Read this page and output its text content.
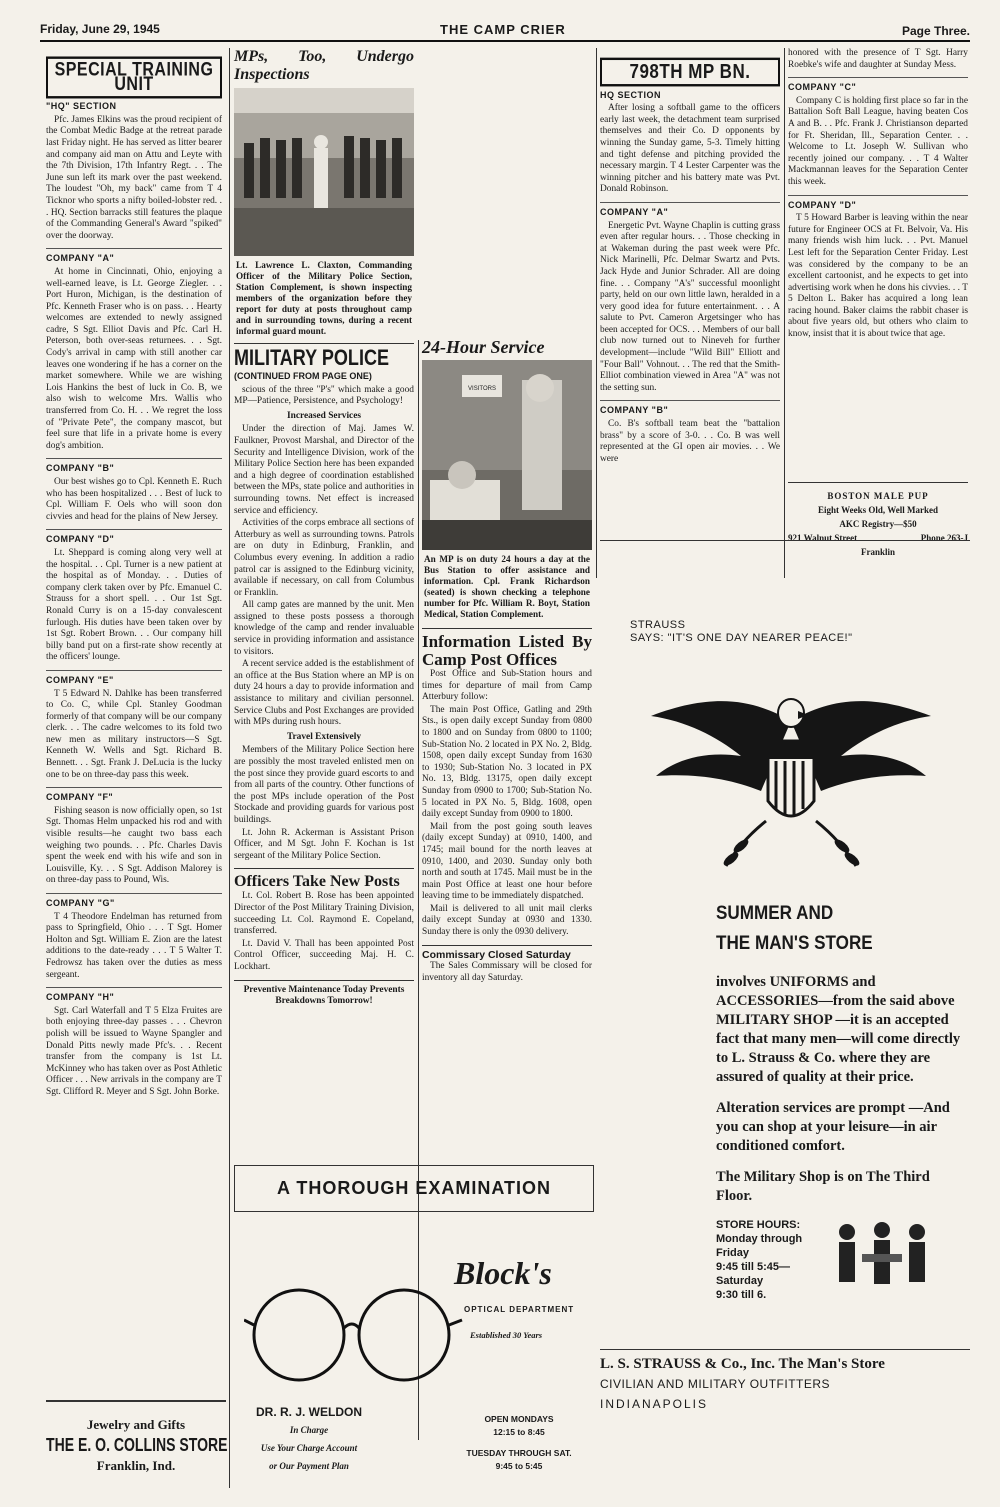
Friday, June 29, 1945	THE CAMP CRIER	Page Three.
SPECIAL TRAINING UNIT
"HQ" SECTION

Pfc. James Elkins was the proud recipient of the Combat Medic Badge at the retreat parade last Friday night. He has served as litter bearer and company aid man on Attu and Leyte with the 7th Division, 17th Infantry Regt. . . The June sun left its mark over the past weekend. The loudest "Oh, my back" came from T 4 Ticknor who sports a nifty boiled-lobster red. . . HQ. Section barracks still features the plaque of the Commanding General's Award "spiked" over the doorway.

COMPANY "A"

At home in Cincinnati, Ohio, enjoying a well-earned leave, is Lt. George Ziegler. . . Port Huron, Michigan, is the destination of Pfc. Kenneth Fraser who is on pass. . . Hearty welcomes are extended to newly assigned cadre, S Sgt. Elliot Davis and Pfc. Carl H. Peterson, both over-seas returnees. . . Sgt. Cody's arrival in camp with still another car leaves one wondering if he has a corner on the market somewhere. While we are wishing Lois Hankins the best of luck in Co. B, we also wish to welcome Mrs. Wallis who transferred from Co. H. . . We regret the loss of "Private Pete", the company mascot, but feel sure that life in a private home is every dog's ambition.

COMPANY "B"

Our best wishes go to Cpl. Kenneth E. Ruch who has been hospitalized . . . Best of luck to Cpl. William F. Oels who will soon don civvies and head for the plains of New Jersey.

COMPANY "D"

Lt. Sheppard is coming along very well at the hospital. . . Cpl. Turner is a new patient at the hospital as of Monday. . . Duties of company clerk taken over by Pfc. Emanuel C. Strauss for a short spell. . . Our 1st Sgt. Ronald Curry is on a 15-day convalescent furlough. His duties have been taken over by 1st Sgt. Robert Brown. . . Our company hill billy band put on a first-rate show recently at the officers' lounge.

COMPANY "E"

T 5 Edward N. Dahlke has been transferred to Co. C, while Cpl. Stanley Goodman formerly of that company will be our company clerk. . . The cadre welcomes to its fold two new men as military instructors—S Sgt. Kenneth W. Wells and Sgt. Richard B. Bennett. . . Sgt. Frank J. DeLucia is the lucky one to be on three-day pass this week.

COMPANY "F"

Fishing season is now officially open, so 1st Sgt. Thomas Helm unpacked his rod and with visible results—he caught two bass each weighing two pounds. . . Pfc. Charles Davis spent the week end with his wife and son in Louisville, Ky. . . S Sgt. Addison Malorey is on three-day pass to Pound, Wis.

COMPANY "G"

T 4 Theodore Endelman has returned from pass to Springfield, Ohio . . . T Sgt. Homer Holton and Sgt. William E. Zion are the latest additions to the date-ready . . . T 5 Walter T. Fedrowsz has taken over the duties as mess sergeant.

COMPANY "H"

Sgt. Carl Waterfall and T 5 Elza Fruites are both enjoying three-day passes . . . Chevron polish will be issued to Wayne Spangler and Donald Pitts newly made Pfc's. . . Recent transfer from the company is 1st Lt. McKinney who has taken over as Post Athletic Officer . . . New arrivals in the company are T Sgt. Clifford R. Meyer and S Sgt. John Borke.

MPs, Too, Undergo Inspections
Lt. Lawrence L. Claxton, Commanding Officer of the Military Police Section, Station Complement, is shown inspecting members of the organization before they report for duty at posts throughout camp and in surrounding towns, during a recent informal guard mount.
MILITARY POLICE
(CONTINUED FROM PAGE ONE)

scious of the three "P's" which make a good MP—Patience, Persistence, and Psychology!

Increased Services

Under the direction of Maj. James W. Faulkner, Provost Marshal, and Director of the Security and Intelligence Division, work of the Military Police Section here has been expanded and a high degree of coordination established between the MPs, state police and authorities in surrounding towns. Net effect is increased service and efficiency.

Activities of the corps embrace all sections of Atterbury as well as surrounding towns. Patrols are on duty in Edinburg, Franklin, and Columbus every evening. In addition a radio patrol car is assigned to the Edinburg vicinity, available if necessary, on call from Columbus or Franklin.

All camp gates are manned by the unit. Men assigned to these posts possess a thorough knowledge of the camp and render invaluable service in providing information and assistance to visitors.

A recent service added is the establishment of an office at the Bus Station where an MP is on duty 24 hours a day to provide information and assistance to military and civilian personnel. Service Clubs and Post Exchanges are provided with MPs during rush hours.

Travel Extensively

Members of the Military Police Section here are possibly the most traveled enlisted men on the post since they provide guard escorts to and from all parts of the country. Other functions of the post MPs include operation of the Post Stockade and providing guards for various post buildings.

Lt. John R. Ackerman is Assistant Prison Officer, and M Sgt. John F. Kochan is 1st sergeant of the Military Police Section.

Officers Take New Posts

Lt. Col. Robert B. Rose has been appointed Director of the Post Military Training Division, succeeding Lt. Col. Raymond E. Copeland, transferred.

Lt. David V. Thall has been appointed Post Control Officer, succeeding Maj. H. C. Lockhart.

Preventive Maintenance Today Prevents Breakdowns Tomorrow!
24-Hour Service
VISITORS
An MP is on duty 24 hours a day at the Bus Station to offer assistance and information. Cpl. Frank Richardson (seated) is shown checking a telephone number for Pfc. William R. Boyt, Station Medical, Station Complement.
Information Listed By Camp Post Offices

Post Office and Sub-Station hours and times for departure of mail from Camp Atterbury follow:

The main Post Office, Gatling and 29th Sts., is open daily except Sunday from 0800 to 1800 and on Sunday from 0800 to 1100; Sub-Station No. 2 located in PX No. 2, Bldg. 1508, open daily except Sunday from 1630 to 1930; Sub-Station No. 3 located in PX No. 13, Bldg. 13175, open daily except Sunday from 0900 to 1700; Sub-Station No. 5 located in PX No. 5, Bldg. 1608, open daily except Sunday from 0900 to 1800.

Mail from the post going south leaves (daily except Sunday) at 0910, 1400, and 1745; mail bound for the north leaves at 0910, 1400, and 2030. Sunday only both north and south at 1745. Mail must be in the main Post Office at least one hour before leaving time to be immediately dispatched.

Mail is delivered to all unit mail clerks daily except Sunday at 0930 and 1330. Sunday there is only the 0930 delivery.

Commissary Closed Saturday

The Sales Commissary will be closed for inventory all day Saturday.

798TH MP BN.
HQ SECTION

After losing a softball game to the officers early last week, the detachment team surprised themselves and their Co. D opponents by winning the Sunday game, 5-3. Timely hitting and tight defense and pitching provided the necessary margin. T 4 Lester Carpenter was the winning pitcher and his battery mate was Pvt. Donald Robinson.

COMPANY "A"

Energetic Pvt. Wayne Chaplin is cutting grass even after regular hours. . . Those checking in at Wakeman during the past week were Pfc. Nick Marinelli, Pfc. Delmar Swartz and Pvts. Jack Hyde and Junior Schrader. All are doing fine. . . Company "A's" successful moonlight party, held on our own little lawn, heralded in a very good idea for future entertainment. . . A salute to Pvt. Cameron Argetsinger who has been accepted for OCS. . . Members of our ball club now turned out to Nineveh for further development—include "Wild Bill" Elliott and "Four Ball" Vohnout. . . The red that the Smith-Elliot combination viewed in Area "A" was not the setting sun.

COMPANY "B"

Co. B's softball team beat the "battalion brass" by a score of 3-0. . . Co. B was well represented at the GI open air movies. . . We were

honored with the presence of T Sgt. Harry Roebke's wife and daughter at Sunday Mess.

COMPANY "C"

Company C is holding first place so far in the Battalion Soft Ball League, having beaten Cos A and B. . . Pfc. Frank J. Christianson departed for Ft. Sheridan, Ill., Separation Center. . . Welcome to Lt. Joseph W. Sullivan who recently joined our company. . . T 4 Walter Mackmannan leaves for the Separation Center this week.

COMPANY "D"

T 5 Howard Barber is leaving within the near future for Engineer OCS at Ft. Belvoir, Va. His many friends wish him luck. . . Pvt. Manuel Lest left for the Separation Center Friday. Lest was considered by the company to be an excellent cartoonist, and he expects to get into advertising work when he dons his civvies. . . T 5 Delton L. Baker has acquired a long lean racing hound. Baker claims the rabbit chaser is about five years old, but others who claim to know, insist that it is about twice that age.

BOSTON MALE PUP
Eight Weeks Old, Well Marked
AKC Registry—$50
921 Walnut Street	Phone 263-J
Franklin
STRAUSS
SAYS: "IT'S ONE DAY NEARER PEACE!"
SUMMER AND
THE MAN'S STORE
involves UNIFORMS and ACCESSORIES—from the said above MILITARY SHOP —it is an accepted fact that many men—will come directly to L. Strauss & Co. where they are assured of quality at their price.
Alteration services are prompt —And you can shop at your leisure—in air conditioned comfort.
The Military Shop is on The Third Floor.
STORE HOURS:
Monday through
Friday
9:45 till 5:45—
Saturday
9:30 till 6.
L. S. STRAUSS & Co., Inc. The Man's Store
CIVILIAN AND MILITARY OUTFITTERS
INDIANAPOLIS
A THOROUGH EXAMINATION
Block's
OPTICAL DEPARTMENT
Established 30 Years
DR. R. J. WELDON
In Charge
Use Your Charge Account
or Our Payment Plan
OPEN MONDAYS
12:15 to 8:45
TUESDAY THROUGH SAT.
9:45 to 5:45
Jewelry and Gifts
THE E. O. COLLINS STORE
Franklin, Ind.
